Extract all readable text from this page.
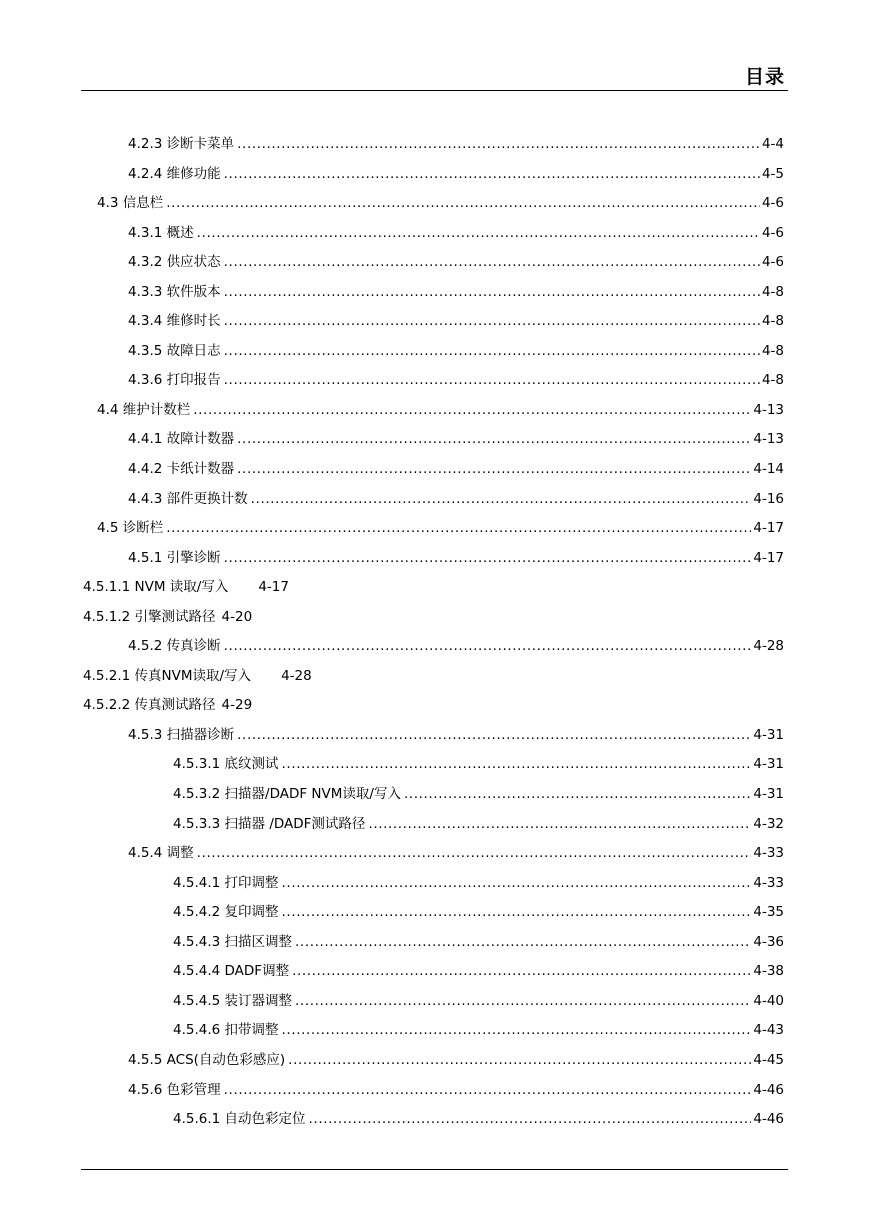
目录
4.2.3 诊断卡菜单 .....	4-4
4.2.4 维修功能 .....	4-5
4.3 信息栏 .....	4-6
4.3.1 概述 .....	4-6
4.3.2 供应状态 .....	4-6
4.3.3 软件版本 .....	4-8
4.3.4 维修时长 .....	4-8
4.3.5 故障日志 .....	4-8
4.3.6 打印报告 .....	4-8
4.4 维护计数栏 .....	4-13
4.4.1 故障计数器 .....	4-13
4.4.2 卡纸计数器 .....	4-14
4.4.3 部件更换计数 .....	4-16
4.5 诊断栏 .....	4-17
4.5.1 引擎诊断 .....	4-17
4.5.1.1 NVM 读取/写入 4-17
4.5.1.2 引擎测试路径 4-20
4.5.2 传真诊断 .....	4-28
4.5.2.1 传真NVM读取/写入 4-28
4.5.2.2 传真测试路径 4-29
4.5.3 扫描器诊断 .....	4-31
4.5.3.1 底纹测试 .....	4-31
4.5.3.2 扫描器/DADF NVM读取/写入 .....	4-31
4.5.3.3 扫描器 /DADF测试路径 .....	4-32
4.5.4 调整 .....	4-33
4.5.4.1 打印调整 .....	4-33
4.5.4.2 复印调整 .....	4-35
4.5.4.3 扫描区调整 .....	4-36
4.5.4.4 DADF调整 .....	4-38
4.5.4.5 装订器调整 .....	4-40
4.5.4.6 扣带调整 .....	4-43
4.5.5 ACS(自动色彩感应) .....	4-45
4.5.6 色彩管理 .....	4-46
4.5.6.1 自动色彩定位 .....	4-46
